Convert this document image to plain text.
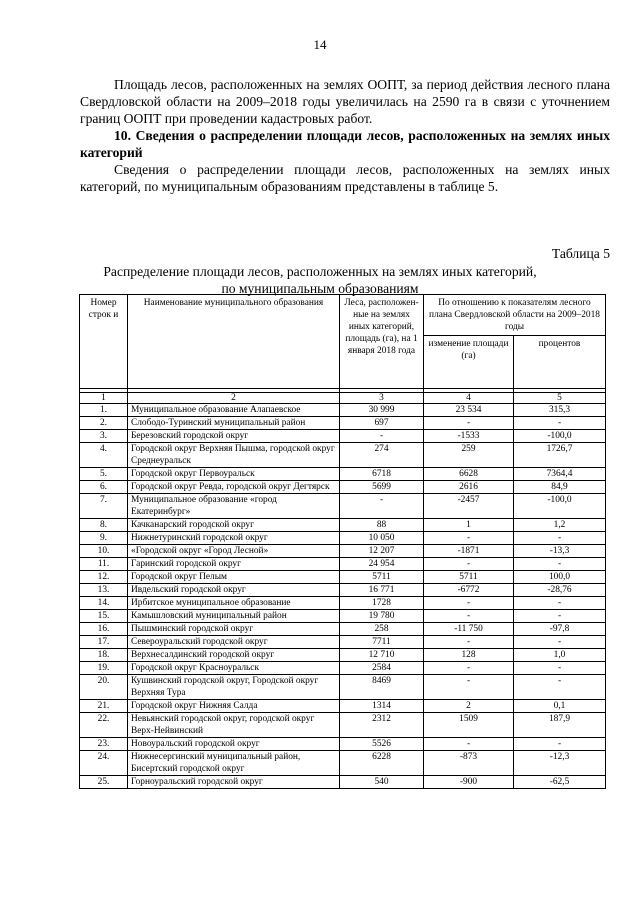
14
Площадь лесов, расположенных на землях ООПТ, за период действия лесного плана Свердловской области на 2009–2018 годы увеличилась на 2590 га в связи с уточнением границ ООПТ при проведении кадастровых работ.
10. Сведения о распределении площади лесов, расположенных на землях иных категорий
Сведения о распределении площади лесов, расположенных на землях иных категорий, по муниципальным образованиям представлены в таблице 5.
Таблица 5

Распределение площади лесов, расположенных на землях иных категорий,
по муниципальным образованиям
Номер строк и	Наименование муниципального образования	Леса, расположен-ные на землях иных категорий, площадь (га), на 1 января 2018 года	По отношению к показателям лесного плана Свердловской области на 2009–2018 годы	
			изменение площади (га)	процентов

1	2	3	4	5
1.	Муниципальное образование Алапаевское	30 999	23 534	315,3
2.	Слободо-Туринский муниципальный район	697	-	-
3.	Березовский городской округ	-	-1533	-100,0
4.	Городской округ Верхняя Пышма, городской округ Среднеуральск	274	259	1726,7
5.	Городской округ Первоуральск	6718	6628	7364,4
6.	Городской округ Ревда, городской округ Дегтярск	5699	2616	84,9
7.	Муниципальное образование «город Екатеринбург»	-	-2457	-100,0
8.	Качканарский городской округ	88	1	1,2
9.	Нижнетуринский городской округ	10 050	-	-
10.	«Городской округ «Город Лесной»	12 207	-1871	-13,3
11.	Гаринский городской округ	24 954	-	-
12.	Городской округ Пелым	5711	5711	100,0
13.	Ивдельский городской округ	16 771	-6772	-28,76
14.	Ирбитское муниципальное образование	1728	-	-
15.	Камышловский муниципальный район	19 780	-	-
16.	Пышминский городской округ	258	-11 750	-97,8
17.	Североуральский городской округ	7711	-	-
18.	Верхнесалдинский городской округ	12 710	128	1,0
19.	Городской округ Красноуральск	2584	-	-
20.	Кушвинский городской округ, Городской округ Верхняя Тура	8469	-	-
21.	Городской округ Нижняя Салда	1314	2	0,1
22.	Невьянский городской округ, городской округ Верх-Нейвинский	2312	1509	187,9
23.	Новоуральский городской округ	5526	-	-
24.	Нижнесергинский муниципальный район, Бисертский городской округ	6228	-873	-12,3
25.	Горноуральский городской округ	540	-900	-62,5
